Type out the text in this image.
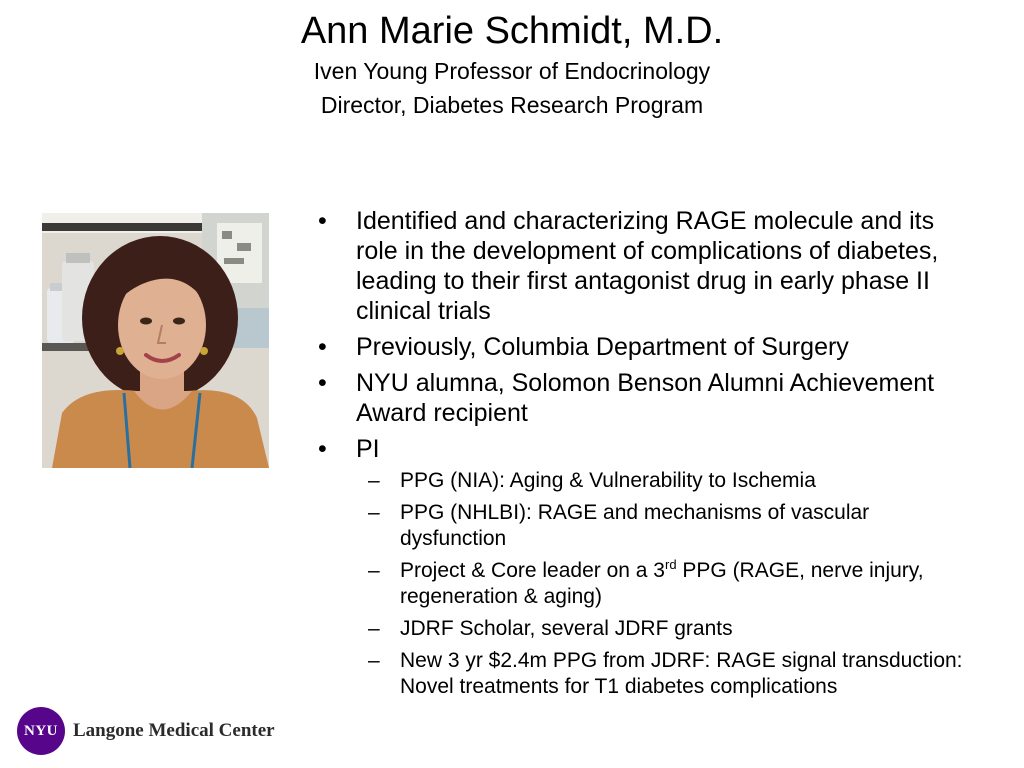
Ann Marie Schmidt, M.D.
Iven Young Professor of Endocrinology
Director, Diabetes Research Program
• Identified and characterizing RAGE molecule and its role in the development of complications of diabetes, leading to their first antagonist drug in early phase II clinical trials
• Previously, Columbia Department of Surgery
• NYU alumna, Solomon Benson Alumni Achievement Award recipient
• PI
– PPG (NIA): Aging & Vulnerability to Ischemia
– PPG (NHLBI): RAGE and mechanisms of vascular dysfunction
– Project & Core leader on a 3rd PPG (RAGE, nerve injury, regeneration & aging)
– JDRF Scholar, several JDRF grants
– New 3 yr $2.4m PPG from JDRF: RAGE signal transduction: Novel treatments for T1 diabetes complications
NYU Langone Medical Center
